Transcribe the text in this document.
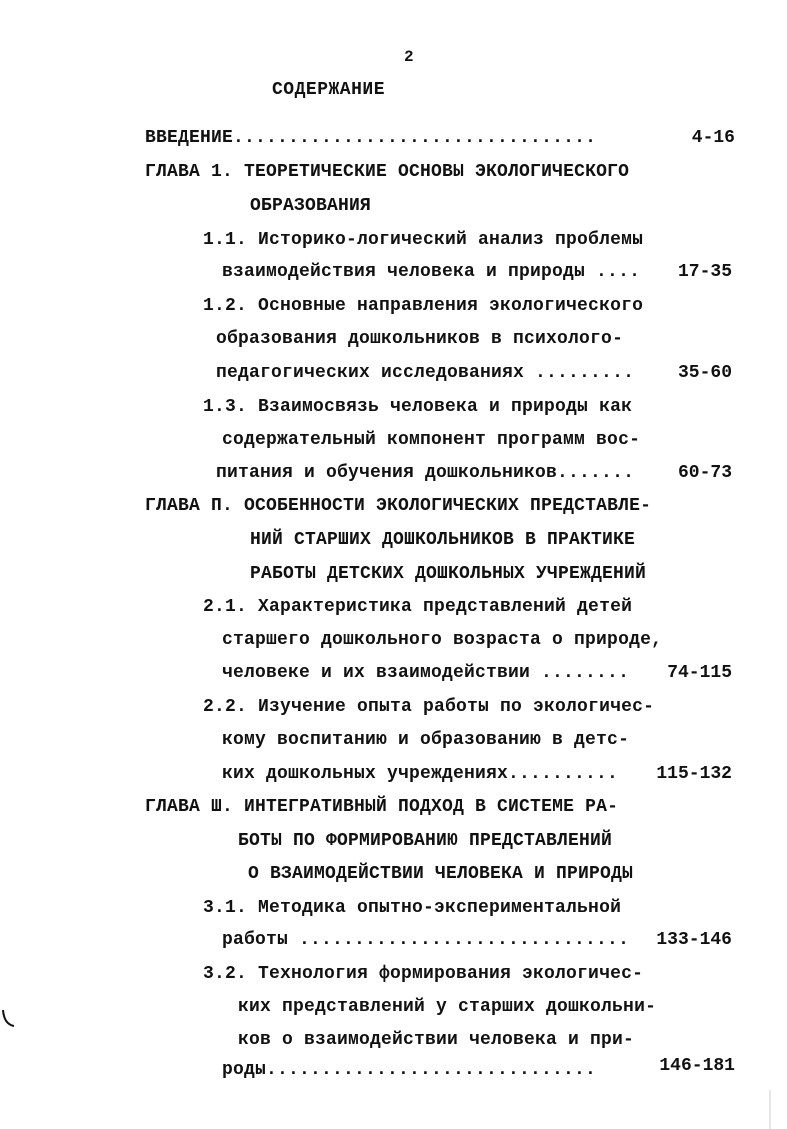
2
СОДЕРЖАНИЕ
ВВЕДЕНИЕ.................................	4-16
ГЛАВА 1. ТЕОРЕТИЧЕСКИЕ ОСНОВЫ ЭКОЛОГИЧЕСКОГО
ОБРАЗОВАНИЯ
1.1. Историко-логический анализ проблемы
взаимодействия человека и природы .... 17-35
1.2. Основные направления экологического
образования дошкольников в психолого-
педагогических исследованиях ......... 35-60
1.3. Взаимосвязь человека и природы как
содержательный компонент программ вос-
питания и обучения дошкольников....... 60-73
ГЛАВА П. ОСОБЕННОСТИ ЭКОЛОГИЧЕСКИХ ПРЕДСТАВЛЕ-
НИЙ СТАРШИХ ДОШКОЛЬНИКОВ В ПРАКТИКЕ
РАБОТЫ ДЕТСКИХ ДОШКОЛЬНЫХ УЧРЕЖДЕНИЙ
2.1. Характеристика представлений детей
старшего дошкольного возраста о природе,
человеке и их взаимодействии ........ 74-115
2.2. Изучение опыта работы по экологичес-
кому воспитанию и образованию в детс-
ких дошкольных учреждениях.......... 115-132
ГЛАВА Ш. ИНТЕГРАТИВНЫЙ ПОДХОД В СИСТЕМЕ РА-
БОТЫ ПО ФОРМИРОВАНИЮ ПРЕДСТАВЛЕНИЙ
О ВЗАИМОДЕЙСТВИИ ЧЕЛОВЕКА И ПРИРОДЫ
3.1. Методика опытно-экспериментальной
работы .............................. 133-146
3.2. Технология формирования экологичес-
ких представлений у старших дошкольни-
ков о взаимодействии человека и при-
роды..............................	146-181
